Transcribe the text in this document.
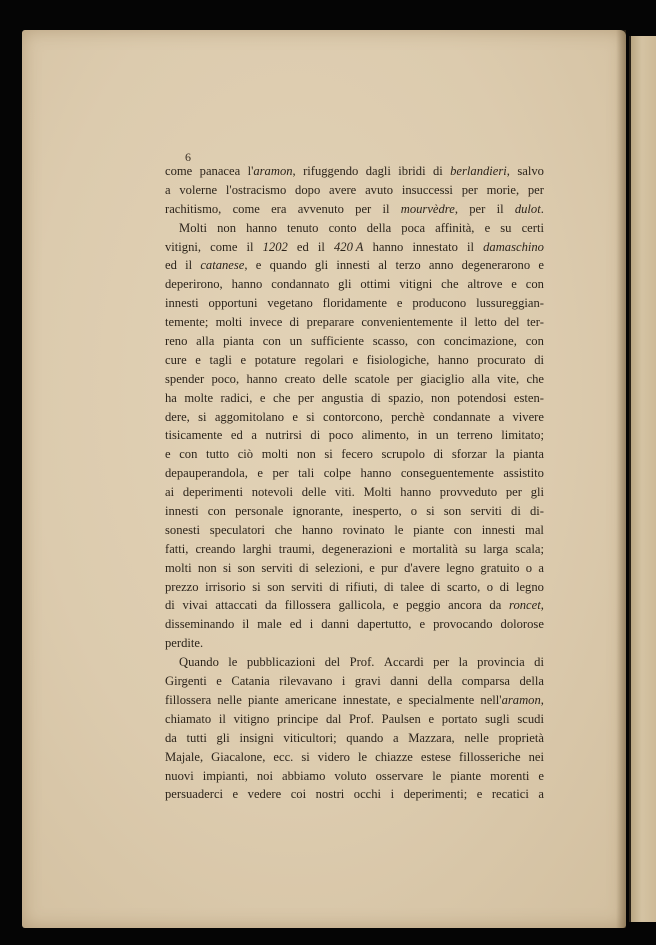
6
come panacea l'aramon, rifuggendo dagli ibridi di berlandieri, salvo
a volerne l'ostracismo dopo avere avuto insuccessi per morie, per
rachitismo, come era avvenuto per il mourvèdre, per il dulot.
Molti non hanno tenuto conto della poca affinità, e su certi
vitigni, come il 1202 ed il 420 A hanno innestato il damaschino
ed il catanese, e quando gli innesti al terzo anno degenerarono e
deperirono, hanno condannato gli ottimi vitigni che altrove e con
innesti opportuni vegetano floridamente e producono lussureggian-
temente; molti invece di preparare convenientemente il letto del ter-
reno alla pianta con un sufficiente scasso, con concimazione, con
cure e tagli e potature regolari e fisiologiche, hanno procurato di
spender poco, hanno creato delle scatole per giaciglio alla vite, che
ha molte radici, e che per angustia di spazio, non potendosi esten-
dere, si aggomitolano e si contorcono, perchè condannate a vivere
tisicamente ed a nutrirsi di poco alimento, in un terreno limitato;
e con tutto ciò molti non si fecero scrupolo di sforzar la pianta
depauperandola, e per tali colpe hanno conseguentemente assistito
ai deperimenti notevoli delle viti. Molti hanno provveduto per gli
innesti con personale ignorante, inesperto, o si son serviti di di-
sonesti speculatori che hanno rovinato le piante con innesti mal
fatti, creando larghi traumi, degenerazioni e mortalità su larga scala;
molti non si son serviti di selezioni, e pur d'avere legno gratuito o a
prezzo irrisorio si son serviti di rifiuti, di talee di scarto, o di legno
di vivai attaccati da fillossera gallicola, e peggio ancora da roncet,
disseminando il male ed i danni dapertutto, e provocando dolorose
perdite.
Quando le pubblicazioni del Prof. Accardi per la provincia di
Girgenti e Catania rilevavano i gravi danni della comparsa della
fillossera nelle piante americane innestate, e specialmente nell'aramon,
chiamato il vitigno principe dal Prof. Paulsen e portato sugli scudi
da tutti gli insigni viticultori; quando a Mazzara, nelle proprietà
Majale, Giacalone, ecc. si videro le chiazze estese fillosseriche nei
nuovi impianti, noi abbiamo voluto osservare le piante morenti e
persuaderci e vedere coi nostri occhi i deperimenti; e recatici a
